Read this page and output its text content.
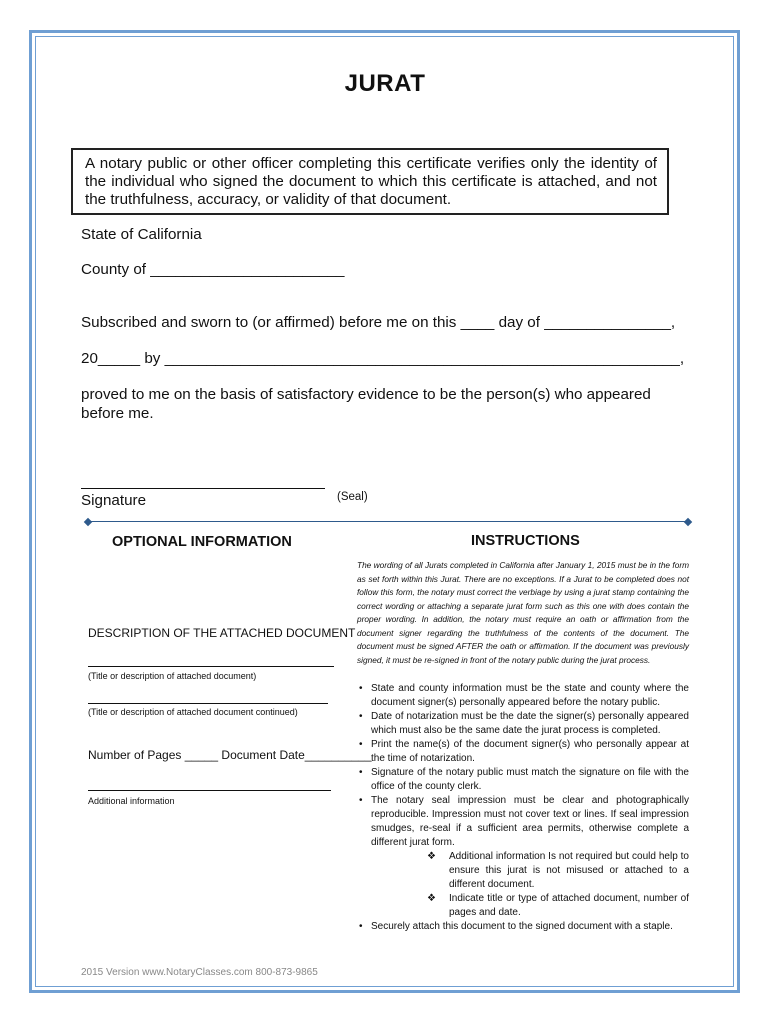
JURAT
A notary public or other officer completing this certificate verifies only the identity of the individual who signed the document to which this certificate is attached, and not the truthfulness, accuracy, or validity of that document.
State of California
County of _______________________
Subscribed and sworn to (or affirmed) before me on this ____ day of _______________,
20_____ by _____________________________________________________________,
proved to me on the basis of satisfactory evidence to be the person(s) who appeared before me.
Signature	(Seal)
OPTIONAL INFORMATION
DESCRIPTION OF THE ATTACHED DOCUMENT
(Title or description of attached document)
(Title or description of attached document continued)
Number of Pages _____ Document Date__________
Additional information
INSTRUCTIONS
The wording of all Jurats completed in California after January 1, 2015 must be in the form as set forth within this Jurat. There are no exceptions. If a Jurat to be completed does not follow this form, the notary must correct the verbiage by using a jurat stamp containing the correct wording or attaching a separate jurat form such as this one with does contain the proper wording. In addition, the notary must require an oath or affirmation from the document signer regarding the truthfulness of the contents of the document. The document must be signed AFTER the oath or affirmation. If the document was previously signed, it must be re-signed in front of the notary public during the jurat process.
• State and county information must be the state and county where the document signer(s) personally appeared before the notary public.
• Date of notarization must be the date the signer(s) personally appeared which must also be the same date the jurat process is completed.
• Print the name(s) of the document signer(s) who personally appear at the time of notarization.
• Signature of the notary public must match the signature on file with the office of the county clerk.
• The notary seal impression must be clear and photographically reproducible. Impression must not cover text or lines. If seal impression smudges, re-seal if a sufficient area permits, otherwise complete a different jurat form.
❖ Additional information Is not required but could help to ensure this jurat is not misused or attached to a different document.
❖ Indicate title or type of attached document, number of pages and date.
• Securely attach this document to the signed document with a staple.
2015 Version www.NotaryClasses.com 800-873-9865
